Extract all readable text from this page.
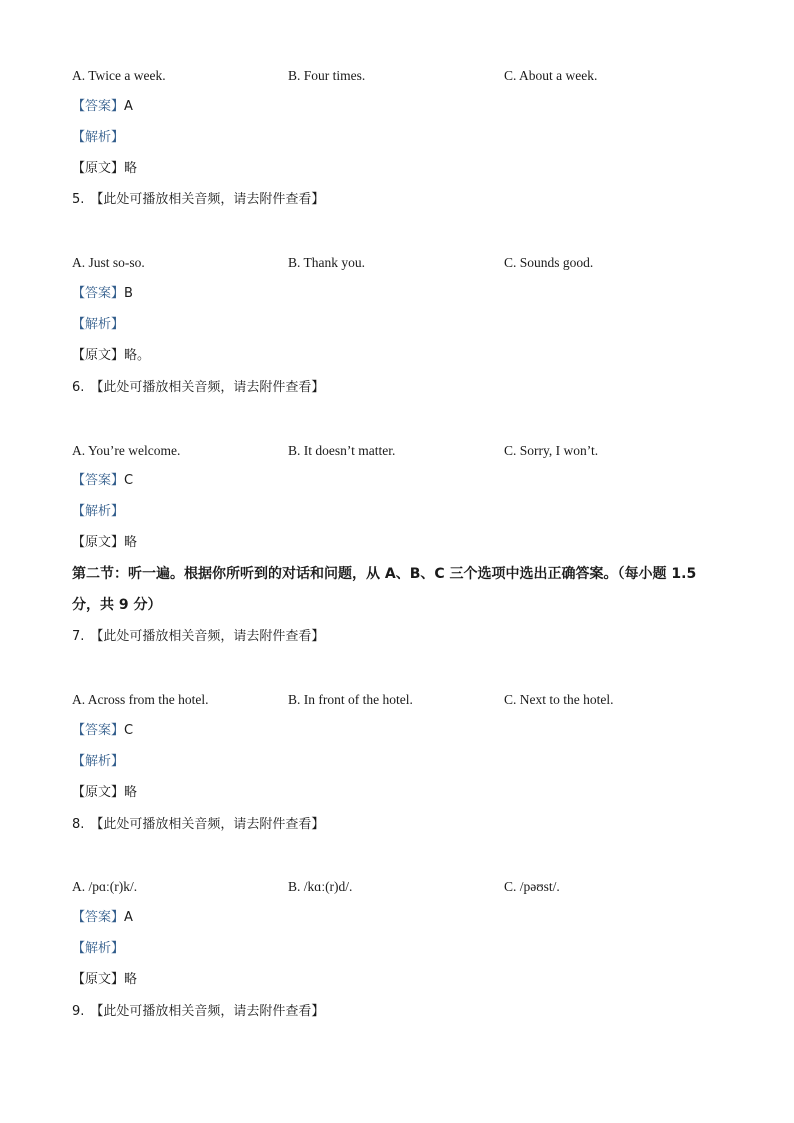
A. Twice a week.	B. Four times.	C. About a week.
【答案】A
【解析】
【原文】略
5. 【此处可播放相关音频，请去附件查看】
A. Just so-so.	B. Thank you.	C. Sounds good.
【答案】B
【解析】
【原文】略。
6. 【此处可播放相关音频，请去附件查看】
A. You’re welcome.	B. It doesn’t matter.	C. Sorry, I won’t.
【答案】C
【解析】
【原文】略
第二节：听一遍。根据你所听到的对话和问题，从 A、B、C 三个选项中选出正确答案。（每小题 1.5 分，共 9 分）
7. 【此处可播放相关音频，请去附件查看】
A. Across from the hotel.	B. In front of the hotel.	C. Next to the hotel.
【答案】C
【解析】
【原文】略
8. 【此处可播放相关音频，请去附件查看】
A. /pɑː(r)k/.	B. /kɑː(r)d/.	C. /pəʊst/.
【答案】A
【解析】
【原文】略
9. 【此处可播放相关音频，请去附件查看】
